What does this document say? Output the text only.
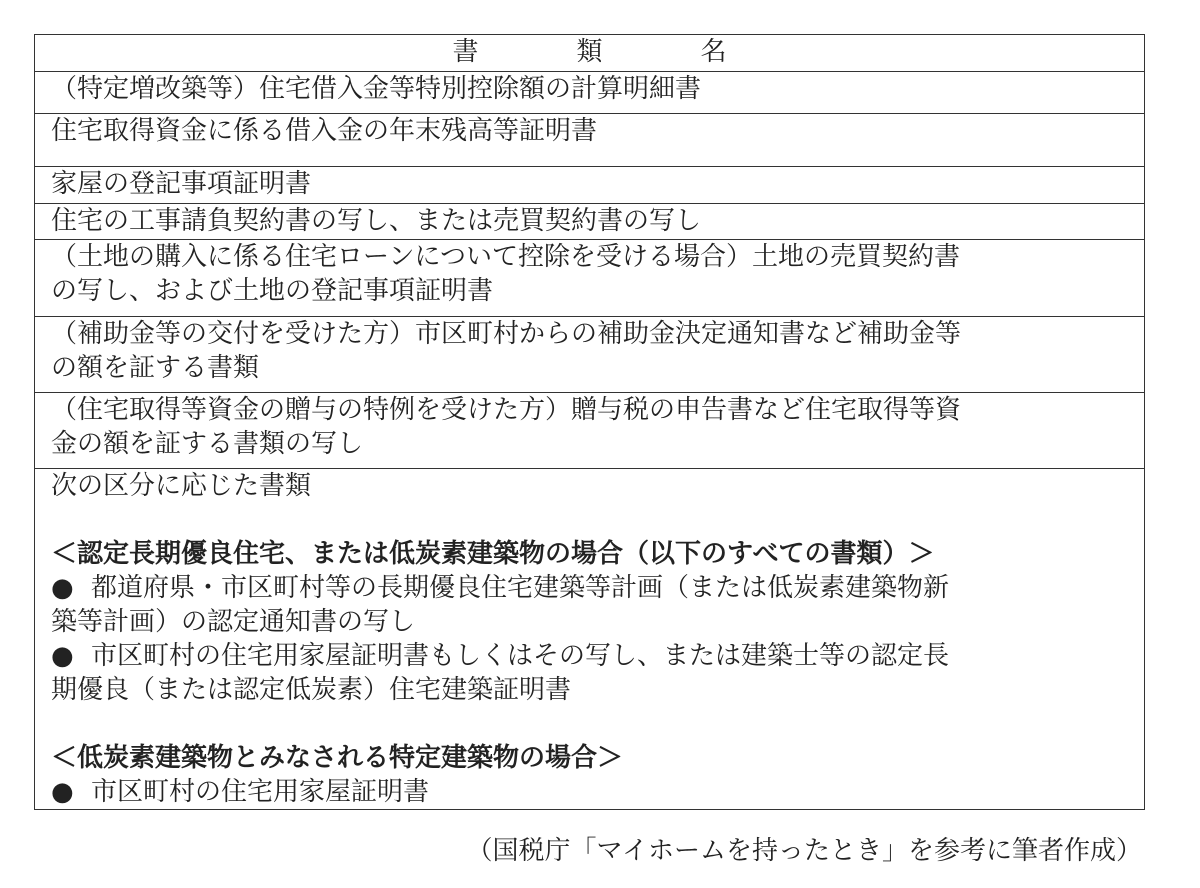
書　類　名

（特定増改築等）住宅借入金等特別控除額の計算明細書

住宅取得資金に係る借入金の年末残高等証明書

家屋の登記事項証明書

住宅の工事請負契約書の写し、または売買契約書の写し

（土地の購入に係る住宅ローンについて控除を受ける場合）土地の売買契約書
の写し、および土地の登記事項証明書

（補助金等の交付を受けた方）市区町村からの補助金決定通知書など補助金等
の額を証する書類

（住宅取得等資金の贈与の特例を受けた方）贈与税の申告書など住宅取得等資
金の額を証する書類の写し

次の区分に応じた書類
＜認定長期優良住宅、または低炭素建築物の場合（以下のすべての書類）＞
● 都道府県・市区町村等の長期優良住宅建築等計画（または低炭素建築物新
築等計画）の認定通知書の写し
● 市区町村の住宅用家屋証明書もしくはその写し、または建築士等の認定長
期優良（または認定低炭素）住宅建築証明書
＜低炭素建築物とみなされる特定建築物の場合＞
● 市区町村の住宅用家屋証明書
（国税庁「マイホームを持ったとき」を参考に筆者作成）
